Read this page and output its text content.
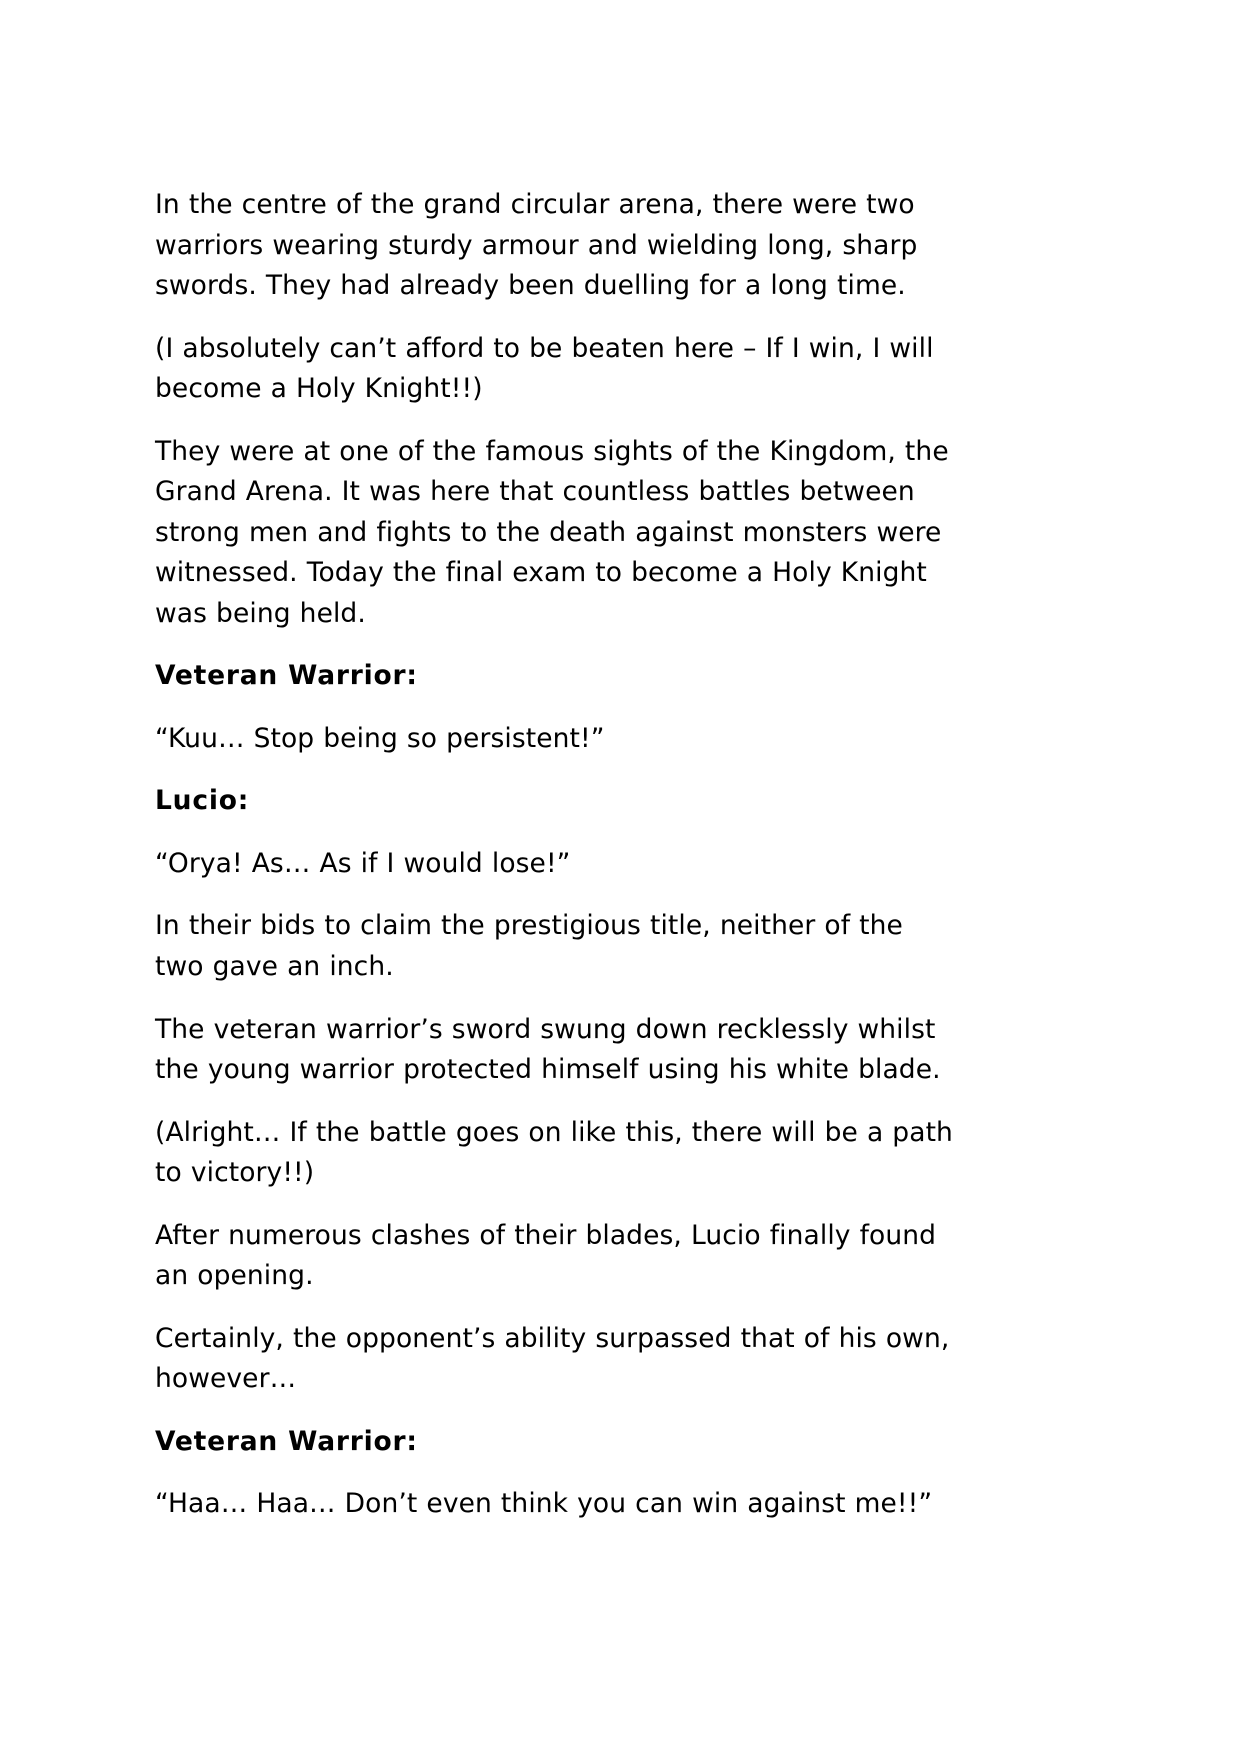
In the centre of the grand circular arena, there were two warriors wearing sturdy armour and wielding long, sharp swords. They had already been duelling for a long time.

(I absolutely can’t afford to be beaten here – If I win, I will become a Holy Knight!!)

They were at one of the famous sights of the Kingdom, the Grand Arena. It was here that countless battles between strong men and fights to the death against monsters were witnessed. Today the final exam to become a Holy Knight was being held.

Veteran Warrior:

“Kuu… Stop being so persistent!”

Lucio:

“Orya! As… As if I would lose!”

In their bids to claim the prestigious title, neither of the two gave an inch.

The veteran warrior’s sword swung down recklessly whilst the young warrior protected himself using his white blade.

(Alright… If the battle goes on like this, there will be a path to victory!!)

After numerous clashes of their blades, Lucio finally found an opening.

Certainly, the opponent’s ability surpassed that of his own, however…

Veteran Warrior:

“Haa… Haa… Don’t even think you can win against me!!”
